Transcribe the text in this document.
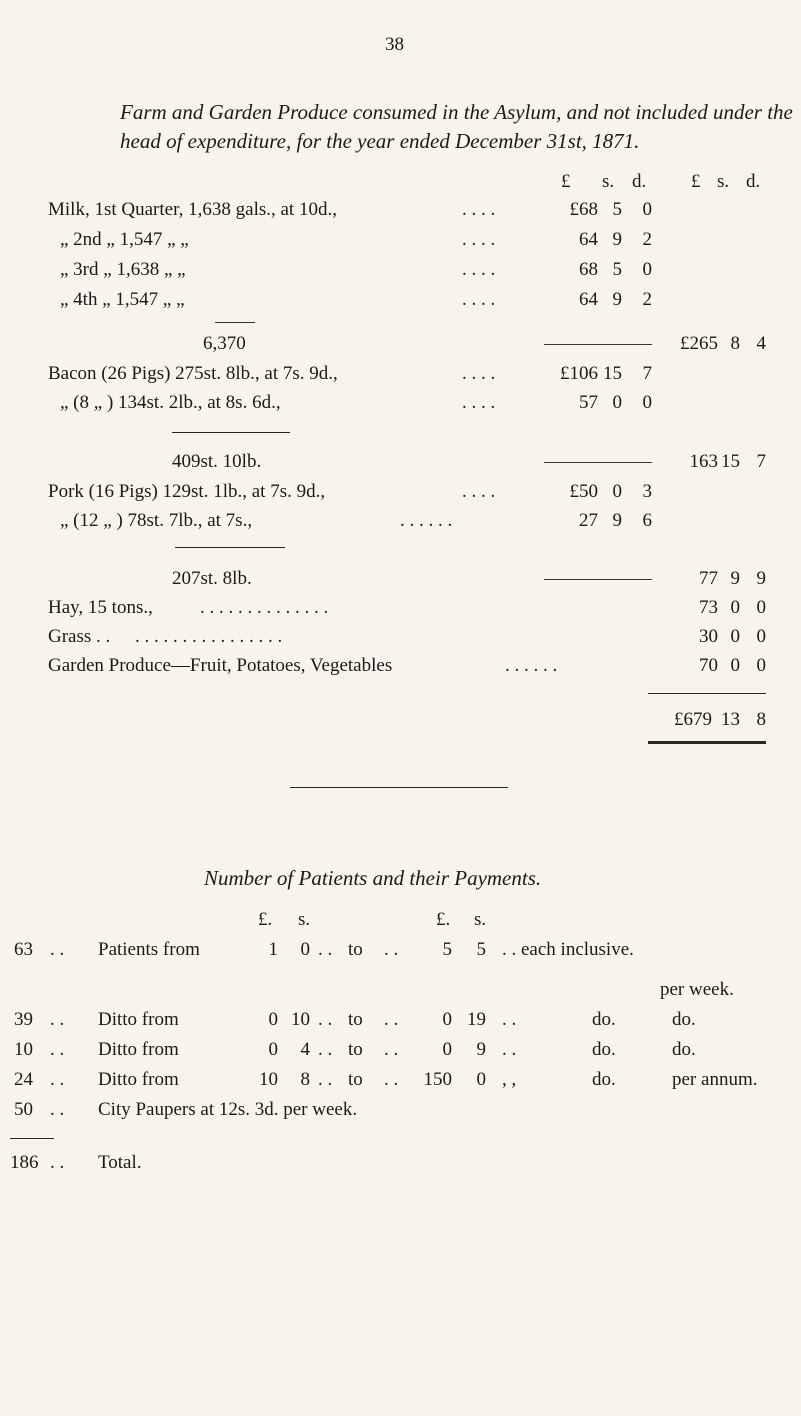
38
Farm and Garden Produce consumed in the Asylum, and not included under the
head of expenditure, for the year ended December 31st, 1871.
£ s. d. £ s. d.
Milk, 1st Quarter, 1,638 gals., at 10d.,	. . . .	£68 5	0
„ 2nd „ 1,547 „ „	. . . .	64 9	2
„ 3rd „ 1,638 „ „	. . . .	68 5	0
„ 4th „ 1,547 „ „	. . . .	64 9	2
6,370	£265 8 4
Bacon (26 Pigs) 275st. 8lb., at 7s. 9d.,	. . . .	£106 15	7
„ (8 „ ) 134st. 2lb., at 8s. 6d.,	. . . .	57 0	0
409st. 10lb.	163 15 7
Pork (16 Pigs) 129st. 1lb., at 7s. 9d.,	. . . .	£50 0	3
„ (12 „ ) 78st. 7lb., at 7s.,	. . . . . .	27 9	6
207st. 8lb.	77 9 9
Hay, 15 tons., . . . . . . . . . . . . . .	73 0 0
Grass . . . . . . . . . . . . . . . . . .	30 0 0
Garden Produce—Fruit, Potatoes, Vegetables	. . . . . .	70 0 0
£679 13 8
Number of Patients and their Payments.
£. s.	£. s.
63 . . Patients from	1	0 . . to . .	5	5 . . each inclusive.
per week.
39 . . Ditto from	0 10 . . to . .	0 19 . .	do.	do.
10 . . Ditto from	0	4 . . to . .	0	9 . .	do.	do.
24 . . Ditto from	10	8 . . to . .	150	0 , ,	do.	per annum.
50 . . City Paupers at 12s. 3d. per week.
186 . . Total.
